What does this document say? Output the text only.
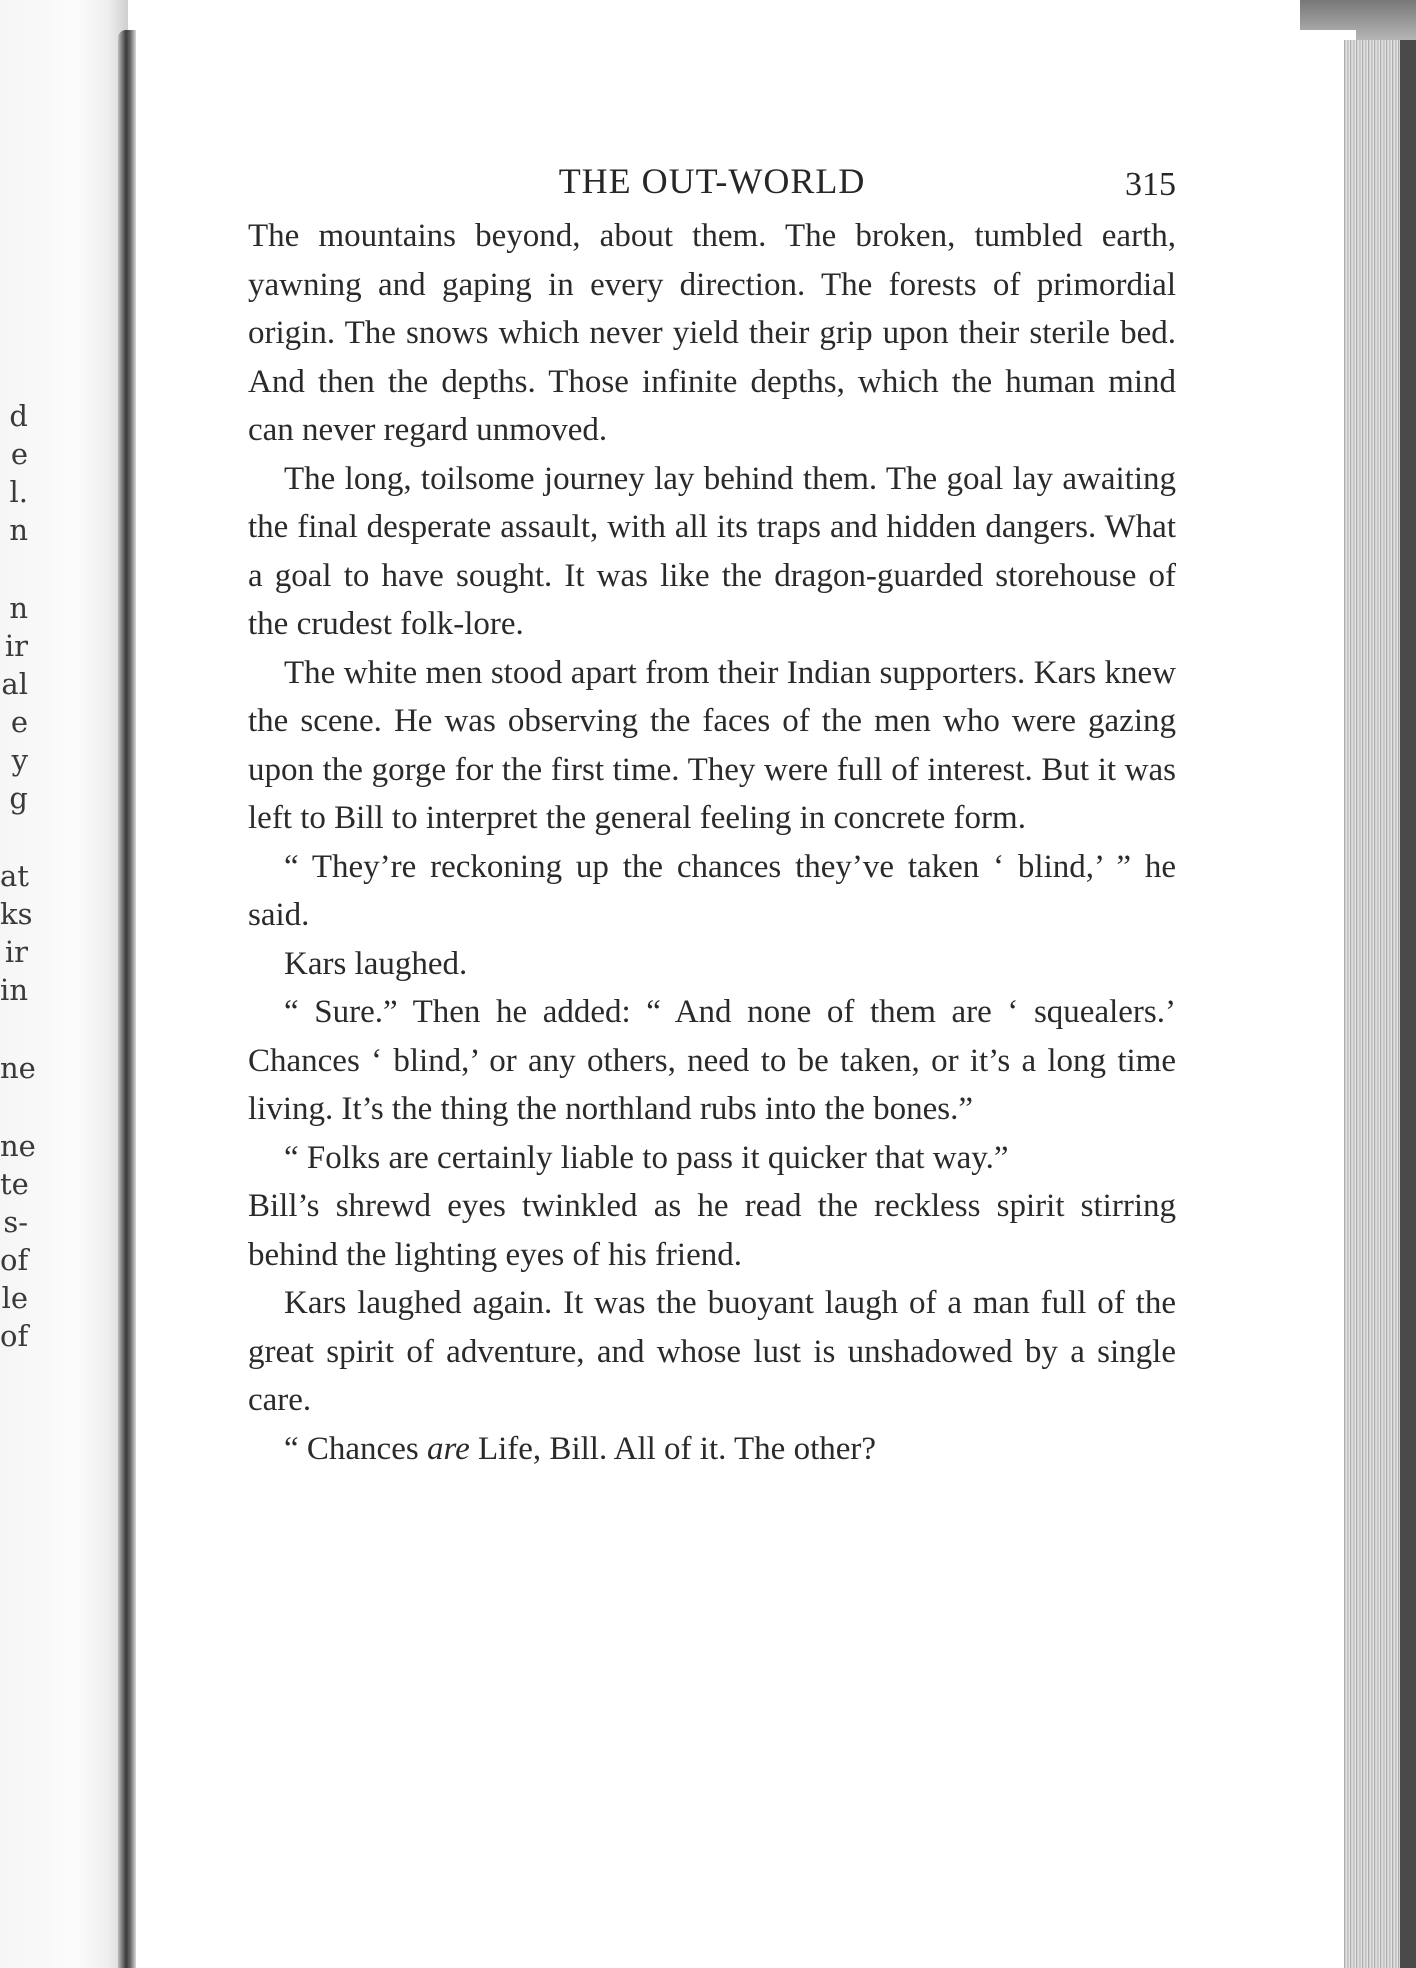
d
e
l.
n
n
ir
al
e
y
g
at
ks
ir
in
ne
ne
te
s-
of
le
of
THE OUT-WORLD	315

The mountains beyond, about them. The broken, tumbled earth, yawning and gaping in every direction. The forests of primordial origin. The snows which never yield their grip upon their sterile bed. And then the depths. Those infinite depths, which the human mind can never regard unmoved.

The long, toilsome journey lay behind them. The goal lay awaiting the final desperate assault, with all its traps and hidden dangers. What a goal to have sought. It was like the dragon-guarded storehouse of the crudest folk-lore.

The white men stood apart from their Indian supporters. Kars knew the scene. He was observing the faces of the men who were gazing upon the gorge for the first time. They were full of interest. But it was left to Bill to interpret the general feeling in concrete form.

“ They’re reckoning up the chances they’ve taken ‘ blind,’ ” he said.

Kars laughed.

“ Sure.” Then he added: “ And none of them are ‘ squealers.’ Chances ‘ blind,’ or any others, need to be taken, or it’s a long time living. It’s the thing the northland rubs into the bones.”

“ Folks are certainly liable to pass it quicker that way.”

Bill’s shrewd eyes twinkled as he read the reckless spirit stirring behind the lighting eyes of his friend.

Kars laughed again. It was the buoyant laugh of a man full of the great spirit of adventure, and whose lust is unshadowed by a single care.

“ Chances are Life, Bill. All of it. The other?
